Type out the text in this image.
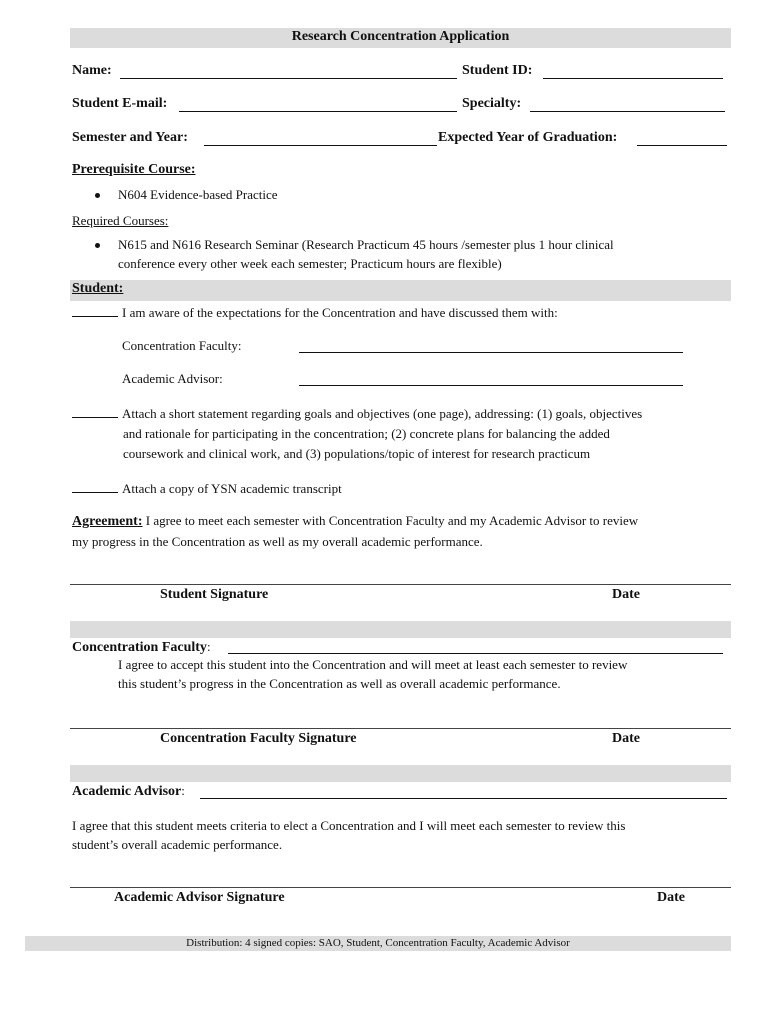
Research Concentration Application
Name:	Student ID:
Student E-mail:	Specialty:
Semester and Year:	Expected Year of Graduation:
Prerequisite Course:
N604 Evidence-based Practice
Required Courses:
N615 and N616 Research Seminar (Research Practicum 45 hours /semester plus 1 hour clinical
conference every other week each semester; Practicum hours are flexible)
Student:
I am aware of the expectations for the Concentration and have discussed them with:
Concentration Faculty:
Academic Advisor:
Attach a short statement regarding goals and objectives (one page), addressing: (1) goals, objectives
and rationale for participating in the concentration; (2) concrete plans for balancing the added
coursework and clinical work, and (3) populations/topic of interest for research practicum
Attach a copy of YSN academic transcript
Agreement: I agree to meet each semester with Concentration Faculty and my Academic Advisor to review
my progress in the Concentration as well as my overall academic performance.
Student Signature	Date
Concentration Faculty:
I agree to accept this student into the Concentration and will meet at least each semester to review
this student’s progress in the Concentration as well as overall academic performance.
Concentration Faculty Signature	Date
Academic Advisor:
I agree that this student meets criteria to elect a Concentration and I will meet each semester to review this
student’s overall academic performance.
Academic Advisor Signature	Date
Distribution: 4 signed copies: SAO, Student, Concentration Faculty, Academic Advisor
